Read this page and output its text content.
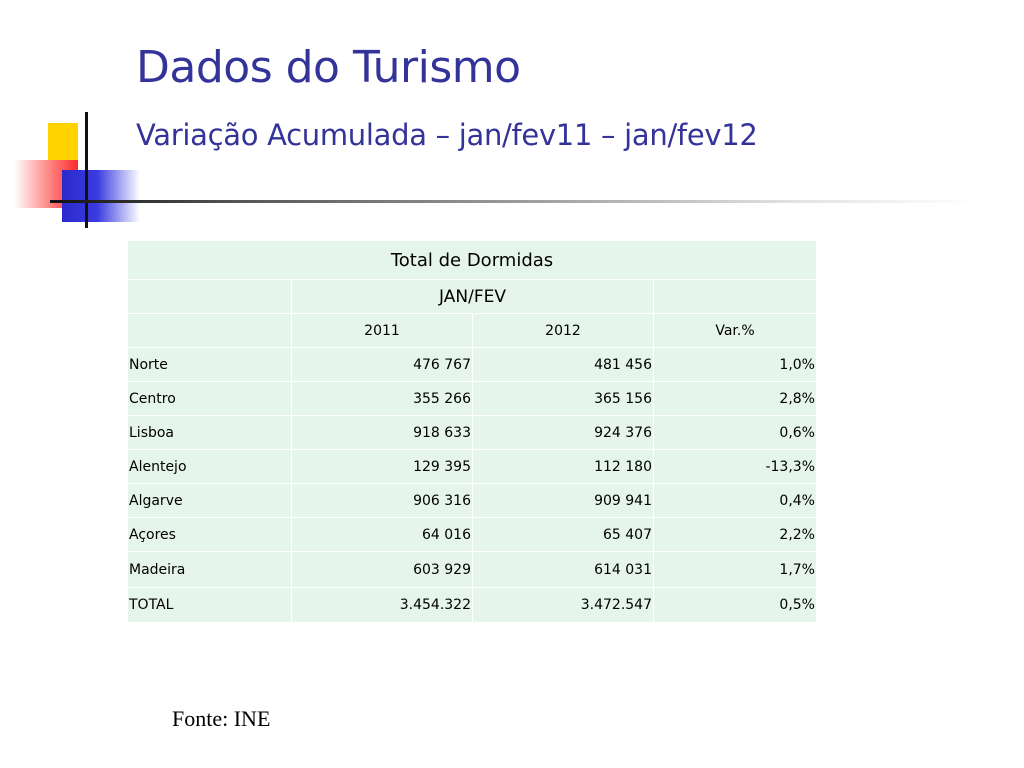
Dados do Turismo
Variação Acumulada – jan/fev11 – jan/fev12
Total de Dormidas			
	JAN/FEV		
	2011	2012	Var.%
Norte	476 767	481 456	1,0%
Centro	355 266	365 156	2,8%
Lisboa	918 633	924 376	0,6%
Alentejo	129 395	112 180	-13,3%
Algarve	906 316	909 941	0,4%
Açores	64 016	65 407	2,2%
Madeira	603 929	614 031	1,7%
TOTAL	3.454.322	3.472.547	0,5%
Fonte: INE
